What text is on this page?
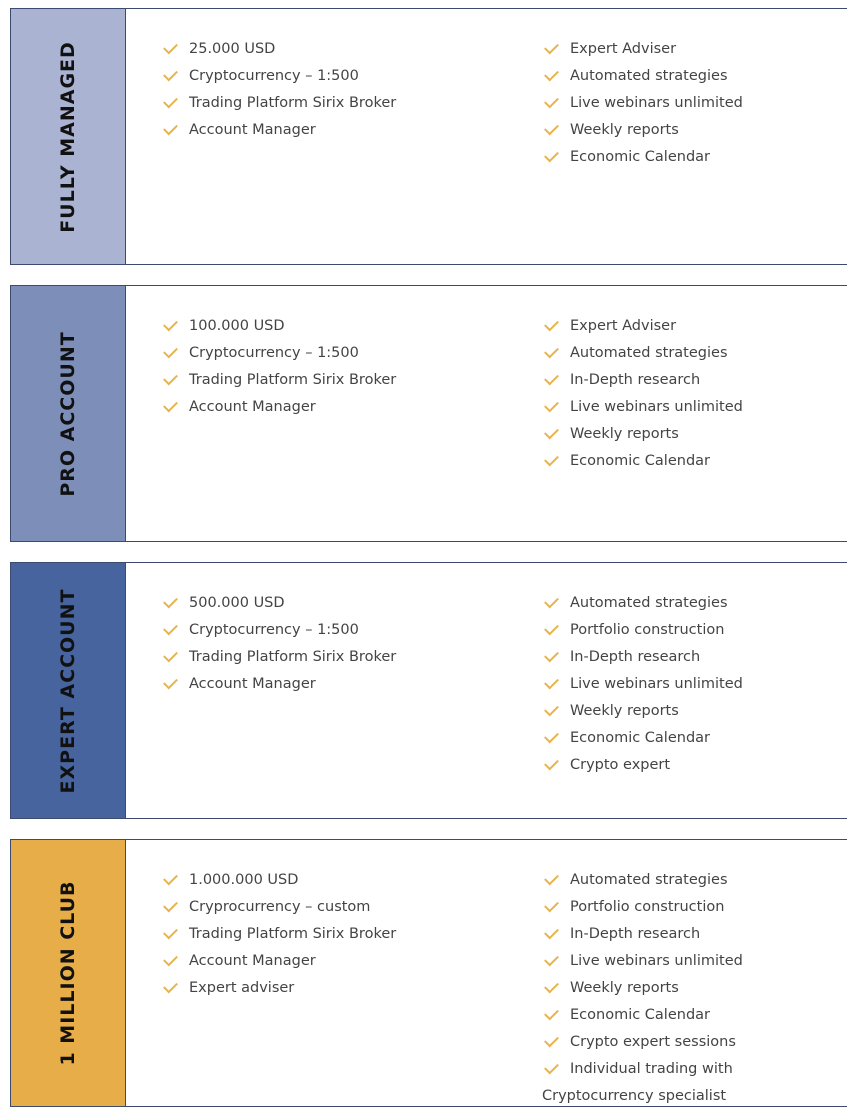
FULLY MANAGED	25.000 USD
Cryptocurrency – 1:500
Trading Platform Sirix Broker
Account Manager
Expert Adviser
Automated strategies
Live webinars unlimited
Weekly reports
Economic Calendar
PRO ACCOUNT
100.000 USD
Cryptocurrency – 1:500
Trading Platform Sirix Broker
Account Manager
Expert Adviser
Automated strategies
In-Depth research
Live webinars unlimited
Weekly reports
Economic Calendar
EXPERT ACCOUNT	500.000 USD
Cryptocurrency – 1:500
Trading Platform Sirix Broker
Account Manager
Automated strategies
Portfolio construction
In-Depth research
Live webinars unlimited
Weekly reports
Economic Calendar
Crypto expert
1 MILLION CLUB
1.000.000 USD
Cryprocurrency – custom
Trading Platform Sirix Broker
Account Manager
Expert adviser
Automated strategies
Portfolio construction
In-Depth research
Live webinars unlimited
Weekly reports
Economic Calendar
Crypto expert sessions
Individual trading with Cryptocurrency specialist
